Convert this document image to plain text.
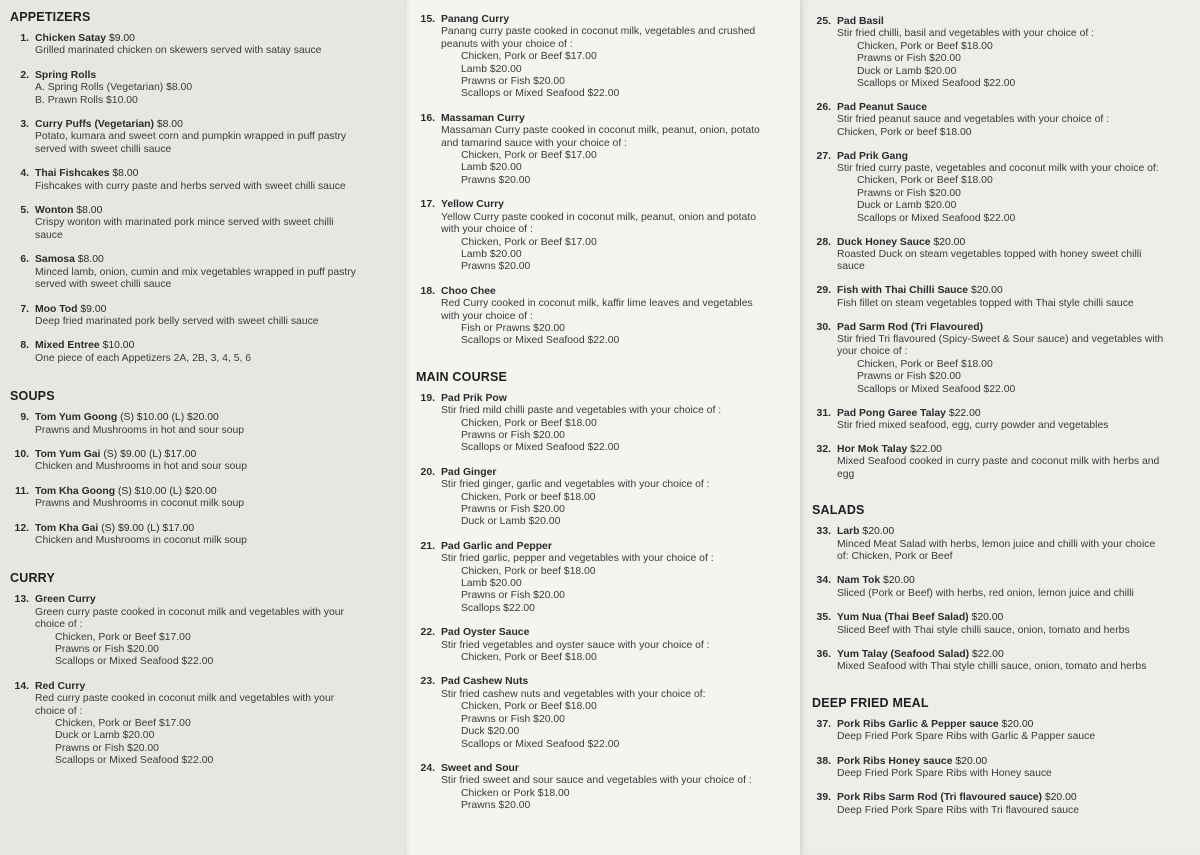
APPETIZERS
1. Chicken Satay $9.00
Grilled marinated chicken on skewers served with satay sauce
2. Spring Rolls
A. Spring Rolls (Vegetarian) $8.00
B. Prawn Rolls $10.00
3. Curry Puffs (Vegetarian) $8.00
Potato, kumara and sweet corn and pumpkin wrapped in puff pastry
served with sweet chilli sauce
4. Thai Fishcakes $8.00
Fishcakes with curry paste and herbs served with sweet chilli sauce
5. Wonton $8.00
Crispy wonton with marinated pork mince served with sweet chilli
sauce
6. Samosa $8.00
Minced lamb, onion, cumin and mix vegetables wrapped in puff pastry
served with sweet chilli sauce
7. Moo Tod $9.00
Deep fried marinated pork belly served with sweet chilli sauce
8. Mixed Entree $10.00
One piece of each Appetizers 2A, 2B, 3, 4, 5, 6
SOUPS
9. Tom Yum Goong (S) $10.00 (L) $20.00
Prawns and Mushrooms in hot and sour soup
10. Tom Yum Gai (S) $9.00 (L) $17.00
Chicken and Mushrooms in hot and sour soup
11. Tom Kha Goong (S) $10.00 (L) $20.00
Prawns and Mushrooms in coconut milk soup
12. Tom Kha Gai (S) $9.00 (L) $17.00
Chicken and Mushrooms in coconut milk soup
CURRY
13. Green Curry
Green curry paste cooked in coconut milk and vegetables with your
choice of :
Chicken, Pork or Beef $17.00
Prawns or Fish $20.00
Scallops or Mixed Seafood $22.00
14. Red Curry
Red curry paste cooked in coconut milk and vegetables with your
choice of :
Chicken, Pork or Beef $17.00
Duck or Lamb $20.00
Prawns or Fish $20.00
Scallops or Mixed Seafood $22.00
15. Panang Curry
Panang curry paste cooked in coconut milk, vegetables and crushed
peanuts with your choice of :
Chicken, Pork or Beef $17.00
Lamb $20.00
Prawns or Fish $20.00
Scallops or Mixed Seafood $22.00
16. Massaman Curry
Massaman Curry paste cooked in coconut milk, peanut, onion, potato
and tamarind sauce with your choice of :
Chicken, Pork or Beef $17.00
Lamb $20.00
Prawns $20.00
17. Yellow Curry
Yellow Curry paste cooked in coconut milk, peanut, onion and potato
with your choice of :
Chicken, Pork or Beef $17.00
Lamb $20.00
Prawns $20.00
18. Choo Chee
Red Curry cooked in coconut milk, kaffir lime leaves and vegetables
with your choice of :
Fish or Prawns $20.00
Scallops or Mixed Seafood $22.00
MAIN COURSE
19. Pad Prik Pow
Stir fried mild chilli paste and vegetables with your choice of :
Chicken, Pork or Beef $18.00
Prawns or Fish $20.00
Scallops or Mixed Seafood $22.00
20. Pad Ginger
Stir fried ginger, garlic and vegetables with your choice of :
Chicken, Pork or beef $18.00
Prawns or Fish $20.00
Duck or Lamb $20.00
21. Pad Garlic and Pepper
Stir fried garlic, pepper and vegetables with your choice of :
Chicken, Pork or beef $18.00
Lamb $20.00
Prawns or Fish $20.00
Scallops $22.00
22. Pad Oyster Sauce
Stir fried vegetables and oyster sauce with your choice of :
Chicken, Pork or Beef $18.00
23. Pad Cashew Nuts
Stir fried cashew nuts and vegetables with your choice of:
Chicken, Pork or Beef $18.00
Prawns or Fish $20.00
Duck $20.00
Scallops or Mixed Seafood $22.00
24. Sweet and Sour
Stir fried sweet and sour sauce and vegetables with your choice of :
Chicken or Pork $18.00
Prawns $20.00
25. Pad Basil
Stir fried chilli, basil and vegetables with your choice of :
Chicken, Pork or Beef $18.00
Prawns or Fish $20.00
Duck or Lamb $20.00
Scallops or Mixed Seafood $22.00
26. Pad Peanut Sauce
Stir fried peanut sauce and vegetables with your choice of :
Chicken, Pork or beef $18.00
27. Pad Prik Gang
Stir fried curry paste, vegetables and coconut milk with your choice of:
Chicken, Pork or Beef $18.00
Prawns or Fish $20.00
Duck or Lamb $20.00
Scallops or Mixed Seafood $22.00
28. Duck Honey Sauce $20.00
Roasted Duck on steam vegetables topped with honey sweet chilli
sauce
29. Fish with Thai Chilli Sauce $20.00
Fish fillet on steam vegetables topped with Thai style chilli sauce
30. Pad Sarm Rod (Tri Flavoured)
Stir fried Tri flavoured (Spicy-Sweet & Sour sauce) and vegetables with
your choice of :
Chicken, Pork or Beef $18.00
Prawns or Fish $20.00
Scallops or Mixed Seafood $22.00
31. Pad Pong Garee Talay $22.00
Stir fried mixed seafood, egg, curry powder and vegetables
32. Hor Mok Talay $22.00
Mixed Seafood cooked in curry paste and coconut milk with herbs and
egg
SALADS
33. Larb $20.00
Minced Meat Salad with herbs, lemon juice and chilli with your choice
of: Chicken, Pork or Beef
34. Nam Tok $20.00
Sliced (Pork or Beef) with herbs, red onion, lemon juice and chilli
35. Yum Nua (Thai Beef Salad) $20.00
Sliced Beef with Thai style chilli sauce, onion, tomato and herbs
36. Yum Talay (Seafood Salad) $22.00
Mixed Seafood with Thai style chilli sauce, onion, tomato and herbs
DEEP FRIED MEAL
37. Pork Ribs Garlic & Pepper sauce $20.00
Deep Fried Pork Spare Ribs with Garlic & Papper sauce
38. Pork Ribs Honey sauce $20.00
Deep Fried Pork Spare Ribs with Honey sauce
39. Pork Ribs Sarm Rod (Tri flavoured sauce) $20.00
Deep Fried Pork Spare Ribs with Tri flavoured sauce
